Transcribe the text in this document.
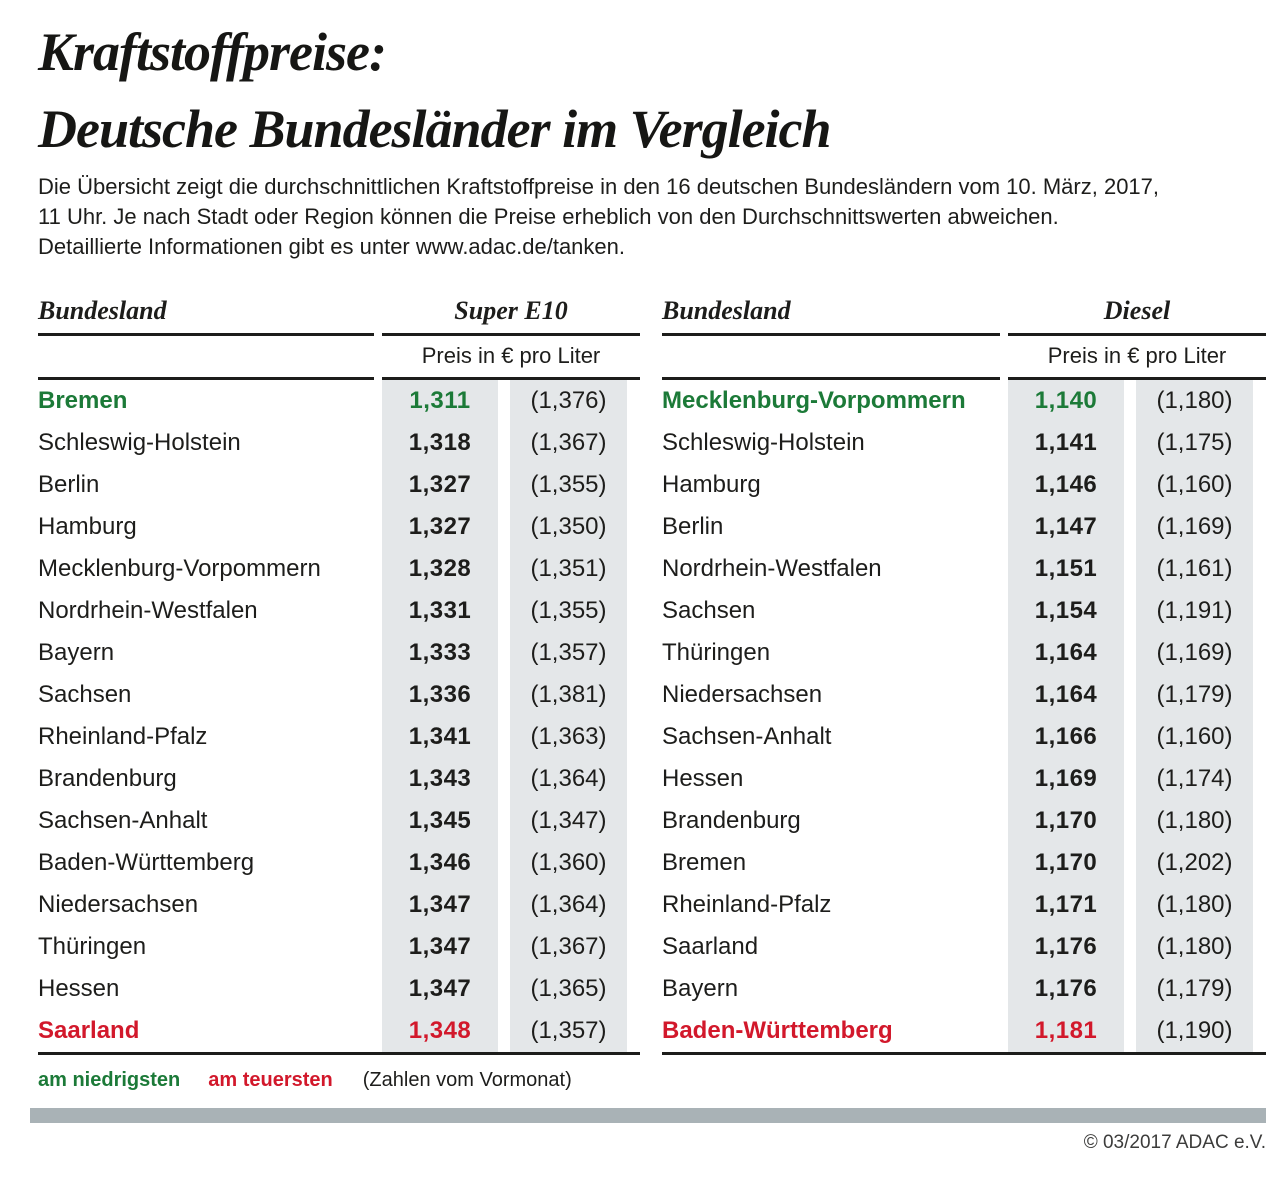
Kraftstoffpreise:
Deutsche Bundesländer im Vergleich

Die Übersicht zeigt die durchschnittlichen Kraftstoffpreise in den 16 deutschen Bundesländern vom 10. März, 2017,
11 Uhr. Je nach Stadt oder Region können die Preise erheblich von den Durchschnittswerten abweichen.
Detaillierte Informationen gibt es unter www.adac.de/tanken.

Bundesland	Super E10
Preis in € pro Liter
Bremen	1,311	(1,376)
Schleswig-Holstein	1,318	(1,367)
Berlin	1,327	(1,355)
Hamburg	1,327	(1,350)
Mecklenburg-Vorpommern	1,328	(1,351)
Nordrhein-Westfalen	1,331	(1,355)
Bayern	1,333	(1,357)
Sachsen	1,336	(1,381)
Rheinland-Pfalz	1,341	(1,363)
Brandenburg	1,343	(1,364)
Sachsen-Anhalt	1,345	(1,347)
Baden-Württemberg	1,346	(1,360)
Niedersachsen	1,347	(1,364)
Thüringen	1,347	(1,367)
Hessen	1,347	(1,365)
Saarland	1,348	(1,357)
Bundesland	Diesel
Preis in € pro Liter
Mecklenburg-Vorpommern	1,140	(1,180)
Schleswig-Holstein	1,141	(1,175)
Hamburg	1,146	(1,160)
Berlin	1,147	(1,169)
Nordrhein-Westfalen	1,151	(1,161)
Sachsen	1,154	(1,191)
Thüringen	1,164	(1,169)
Niedersachsen	1,164	(1,179)
Sachsen-Anhalt	1,166	(1,160)
Hessen	1,169	(1,174)
Brandenburg	1,170	(1,180)
Bremen	1,170	(1,202)
Rheinland-Pfalz	1,171	(1,180)
Saarland	1,176	(1,180)
Bayern	1,176	(1,179)
Baden-Württemberg	1,181	(1,190)
am niedrigsten am teuersten (Zahlen vom Vormonat)
© 03/2017 ADAC e.V.
